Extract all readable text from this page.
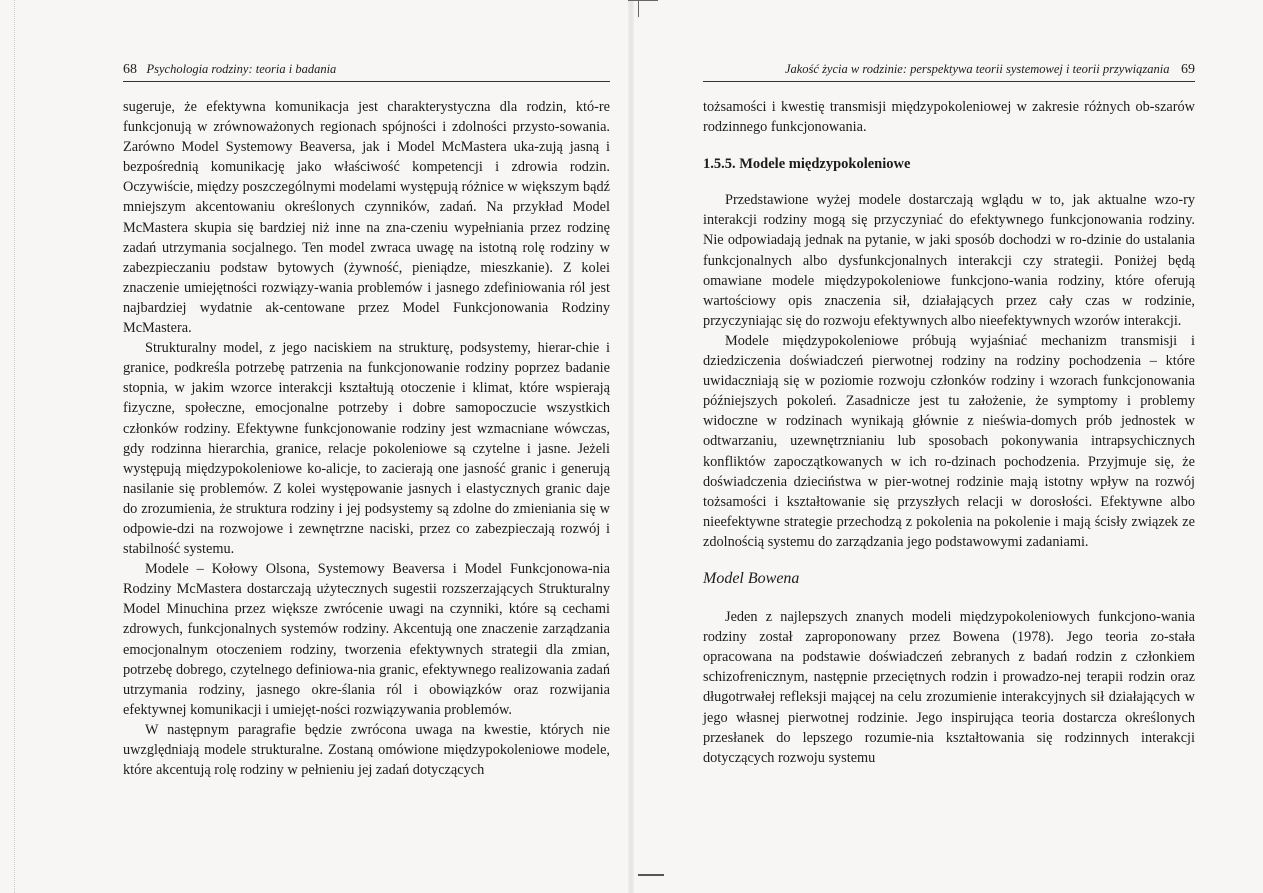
68 Psychologia rodziny: teoria i badania

sugeruje, że efektywna komunikacja jest charakterystyczna dla rodzin, któ-re funkcjonują w zrównoważonych regionach spójności i zdolności przysto-sowania. Zarówno Model Systemowy Beaversa, jak i Model McMastera uka-zują jasną i bezpośrednią komunikację jako właściwość kompetencji i zdrowia rodzin. Oczywiście, między poszczególnymi modelami występują różnice w większym bądź mniejszym akcentowaniu określonych czynników, zadań. Na przykład Model McMastera skupia się bardziej niż inne na zna-czeniu wypełniania przez rodzinę zadań utrzymania socjalnego. Ten model zwraca uwagę na istotną rolę rodziny w zabezpieczaniu podstaw bytowych (żywność, pieniądze, mieszkanie). Z kolei znaczenie umiejętności rozwiązy-wania problemów i jasnego zdefiniowania ról jest najbardziej wydatnie ak-centowane przez Model Funkcjonowania Rodziny McMastera.

Strukturalny model, z jego naciskiem na strukturę, podsystemy, hierar-chie i granice, podkreśla potrzebę patrzenia na funkcjonowanie rodziny poprzez badanie stopnia, w jakim wzorce interakcji kształtują otoczenie i klimat, które wspierają fizyczne, społeczne, emocjonalne potrzeby i dobre samopoczucie wszystkich członków rodziny. Efektywne funkcjonowanie rodziny jest wzmacniane wówczas, gdy rodzinna hierarchia, granice, relacje pokoleniowe są czytelne i jasne. Jeżeli występują międzypokoleniowe ko-alicje, to zacierają one jasność granic i generują nasilanie się problemów. Z kolei występowanie jasnych i elastycznych granic daje do zrozumienia, że struktura rodziny i jej podsystemy są zdolne do zmieniania się w odpowie-dzi na rozwojowe i zewnętrzne naciski, przez co zabezpieczają rozwój i stabilność systemu.

Modele – Kołowy Olsona, Systemowy Beaversa i Model Funkcjonowa-nia Rodziny McMastera dostarczają użytecznych sugestii rozszerzających Strukturalny Model Minuchina przez większe zwrócenie uwagi na czynniki, które są cechami zdrowych, funkcjonalnych systemów rodziny. Akcentują one znaczenie zarządzania emocjonalnym otoczeniem rodziny, tworzenia efektywnych strategii dla zmian, potrzebę dobrego, czytelnego definiowa-nia granic, efektywnego realizowania zadań utrzymania rodziny, jasnego okre-ślania ról i obowiązków oraz rozwijania efektywnej komunikacji i umiejęt-ności rozwiązywania problemów.

W następnym paragrafie będzie zwrócona uwaga na kwestie, których nie uwzględniają modele strukturalne. Zostaną omówione międzypokoleniowe modele, które akcentują rolę rodziny w pełnieniu jej zadań dotyczących

Jakość życia w rodzinie: perspektywa teorii systemowej i teorii przywiązania 69

tożsamości i kwestię transmisji międzypokoleniowej w zakresie różnych ob-szarów rodzinnego funkcjonowania.

1.5.5. Modele międzypokoleniowe

Przedstawione wyżej modele dostarczają wglądu w to, jak aktualne wzo-ry interakcji rodziny mogą się przyczyniać do efektywnego funkcjonowania rodziny. Nie odpowiadają jednak na pytanie, w jaki sposób dochodzi w ro-dzinie do ustalania funkcjonalnych albo dysfunkcjonalnych interakcji czy strategii. Poniżej będą omawiane modele międzypokoleniowe funkcjono-wania rodziny, które oferują wartościowy opis znaczenia sił, działających przez cały czas w rodzinie, przyczyniając się do rozwoju efektywnych albo nieefektywnych wzorów interakcji.

Modele międzypokoleniowe próbują wyjaśniać mechanizm transmisji i dziedziczenia doświadczeń pierwotnej rodziny na rodziny pochodzenia – które uwidaczniają się w poziomie rozwoju członków rodziny i wzorach funkcjonowania późniejszych pokoleń. Zasadnicze jest tu założenie, że symptomy i problemy widoczne w rodzinach wynikają głównie z nieświa-domych prób jednostek w odtwarzaniu, uzewnętrznianiu lub sposobach pokonywania intrapsychicznych konfliktów zapoczątkowanych w ich ro-dzinach pochodzenia. Przyjmuje się, że doświadczenia dzieciństwa w pier-wotnej rodzinie mają istotny wpływ na rozwój tożsamości i kształtowanie się przyszłych relacji w dorosłości. Efektywne albo nieefektywne strategie przechodzą z pokolenia na pokolenie i mają ścisły związek ze zdolnością systemu do zarządzania jego podstawowymi zadaniami.

Model Bowena

Jeden z najlepszych znanych modeli międzypokoleniowych funkcjono-wania rodziny został zaproponowany przez Bowena (1978). Jego teoria zo-stała opracowana na podstawie doświadczeń zebranych z badań rodzin z członkiem schizofrenicznym, następnie przeciętnych rodzin i prowadzo-nej terapii rodzin oraz długotrwałej refleksji mającej na celu zrozumienie interakcyjnych sił działających w jego własnej pierwotnej rodzinie. Jego inspirująca teoria dostarcza określonych przesłanek do lepszego rozumie-nia kształtowania się rodzinnych interakcji dotyczących rozwoju systemu
